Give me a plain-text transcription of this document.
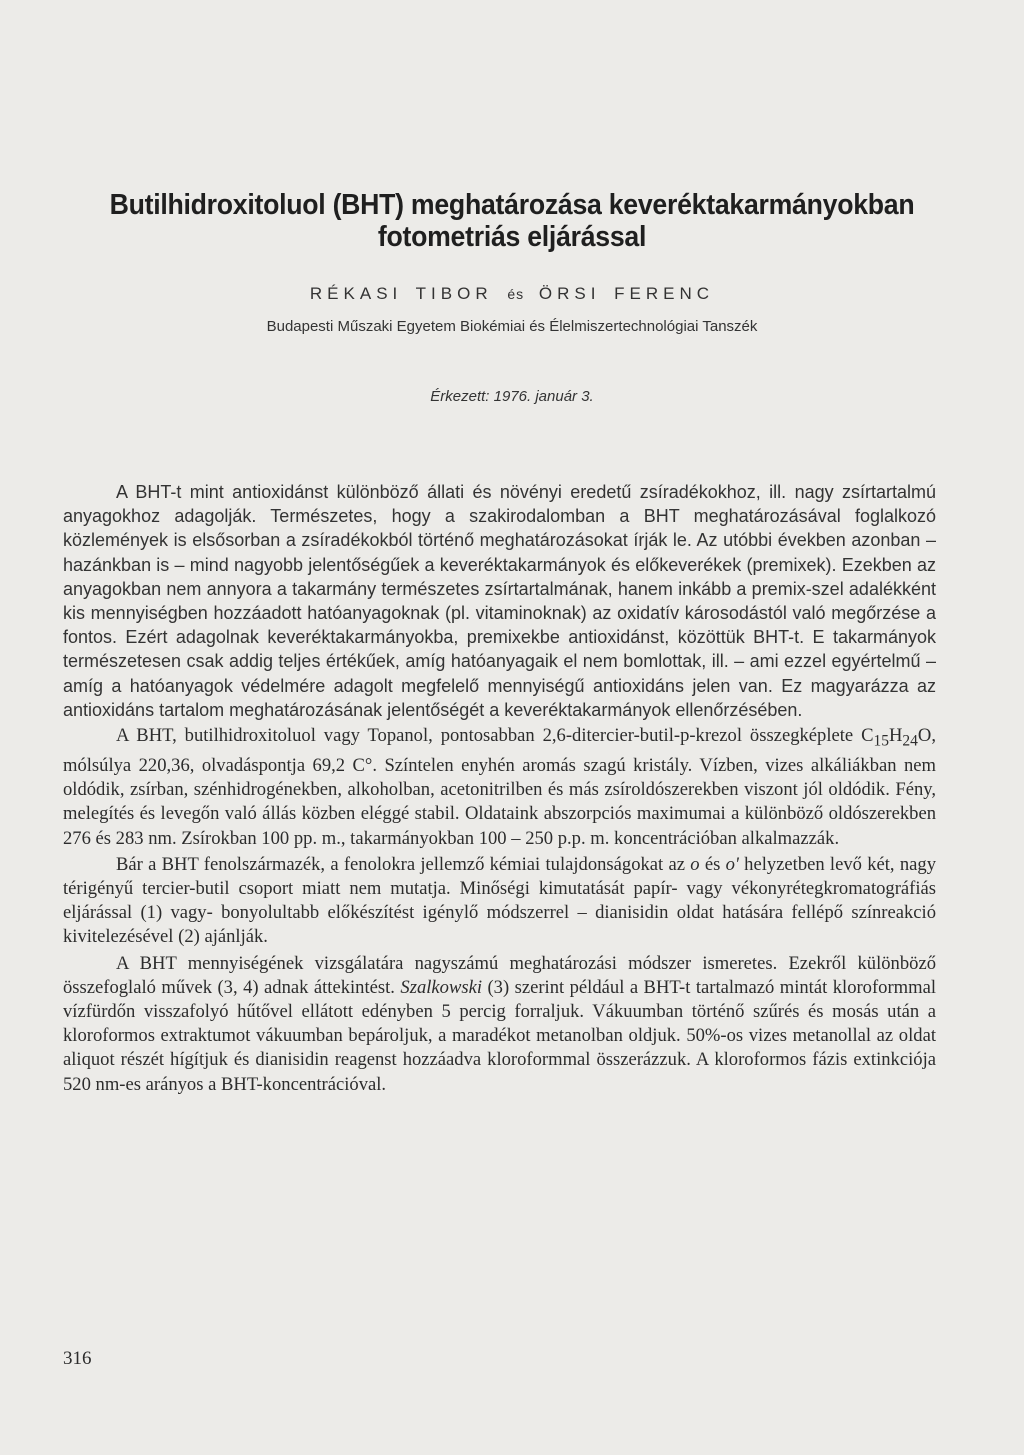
Butilhidroxitoluol (BHT) meghatározása keveréktakarmányokban
fotometriás eljárással
RÉKASI TIBOR és ÖRSI FERENC
Budapesti Műszaki Egyetem Biokémiai és Élelmiszertechnológiai Tanszék
Érkezett: 1976. január 3.

A BHT-t mint antioxidánst különböző állati és növényi eredetű zsíradékokhoz, ill. nagy zsírtartalmú anyagokhoz adagolják. Természetes, hogy a szakirodalomban a BHT meghatározásával foglalkozó közlemények is elsősorban a zsíradékokból történő meghatározásokat írják le. Az utóbbi években azonban – hazánkban is – mind nagyobb jelentőségűek a keveréktakarmányok és előkeverékek (premixek). Ezekben az anyagokban nem annyora a takarmány természetes zsírtartalmának, hanem inkább a premix-szel adalékként kis mennyiségben hozzáadott hatóanyagoknak (pl. vitaminoknak) az oxidatív károsodástól való megőrzése a fontos. Ezért adagolnak keveréktakarmányokba, premixekbe antioxidánst, közöttük BHT-t. E takarmányok természetesen csak addig teljes értékűek, amíg hatóanyagaik el nem bomlottak, ill. – ami ezzel egyértelmű – amíg a hatóanyagok védelmére adagolt megfelelő mennyiségű antioxidáns jelen van. Ez magyarázza az antioxidáns tartalom meghatározásának jelentőségét a keveréktakarmányok ellenőrzésében.

A BHT, butilhidroxitoluol vagy Topanol, pontosabban 2,6-ditercier-butil-p-krezol összegképlete $C_{15}H_{24}O$, mólsúlya 220,36, olvadáspontja 69,2 C°. Színtelen enyhén aromás szagú kristály. Vízben, vizes alkáliákban nem oldódik, zsírban, szénhidrogénekben, alkoholban, acetonitrilben és más zsíroldószerekben viszont jól oldódik. Fény, melegítés és levegőn való állás közben eléggé stabil. Oldataink abszorpciós maximumai a különböző oldószerekben 276 és 283 nm. Zsírokban 100 pp. m., takarmányokban 100 – 250 p.p. m. koncentrációban alkalmazzák.

Bár a BHT fenolszármazék, a fenolokra jellemző kémiai tulajdonságokat az o és o' helyzetben levő két, nagy térigényű tercier-butil csoport miatt nem mutatja. Minőségi kimutatását papír- vagy vékonyrétegkromatográfiás eljárással (1) vagy- bonyolultabb előkészítést igénylő módszerrel – dianisidin oldat hatására fellépő színreakció kivitelezésével (2) ajánlják.

A BHT mennyiségének vizsgálatára nagyszámú meghatározási módszer ismeretes. Ezekről különböző összefoglaló művek (3, 4) adnak áttekintést. Szalkowski (3) szerint például a BHT-t tartalmazó mintát kloroformmal vízfürdőn visszafolyó hűtővel ellátott edényben 5 percig forraljuk. Vákuumban történő szűrés és mosás után a kloroformos extraktumot vákuumban bepároljuk, a maradékot metanolban oldjuk. 50%-os vizes metanollal az oldat aliquot részét hígítjuk és dianisidin reagenst hozzáadva kloroformmal összerázzuk. A kloroformos fázis extinkciója 520 nm-es arányos a BHT-koncentrációval.

316
